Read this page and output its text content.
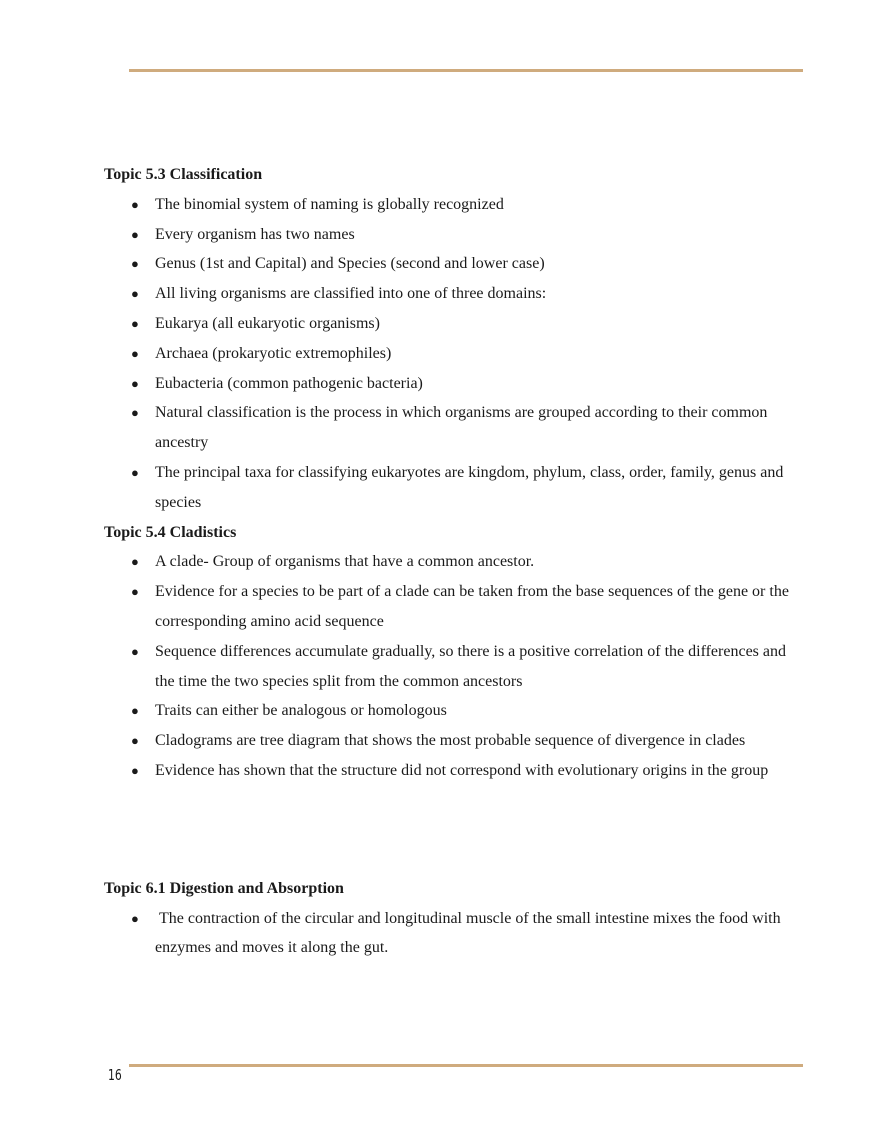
Topic 5.3 Classification

● The binomial system of naming is globally recognized
● Every organism has two names
● Genus (1st and Capital) and Species (second and lower case)
● All living organisms are classified into one of three domains:
● Eukarya (all eukaryotic organisms)
● Archaea (prokaryotic extremophiles)
● Eubacteria (common pathogenic bacteria)
● Natural classification is the process in which organisms are grouped according to their common ancestry
● The principal taxa for classifying eukaryotes are kingdom, phylum, class, order, family, genus and species

Topic 5.4 Cladistics

● A clade- Group of organisms that have a common ancestor.
● Evidence for a species to be part of a clade can be taken from the base sequences of the gene or the corresponding amino acid sequence
● Sequence differences accumulate gradually, so there is a positive correlation of the differences and the time the two species split from the common ancestors
● Traits can either be analogous or homologous
● Cladograms are tree diagram that shows the most probable sequence of divergence in clades
● Evidence has shown that the structure did not correspond with evolutionary origins in the group

Topic 6.1 Digestion and Absorption

● The contraction of the circular and longitudinal muscle of the small intestine mixes the food with enzymes and moves it along the gut.
16
